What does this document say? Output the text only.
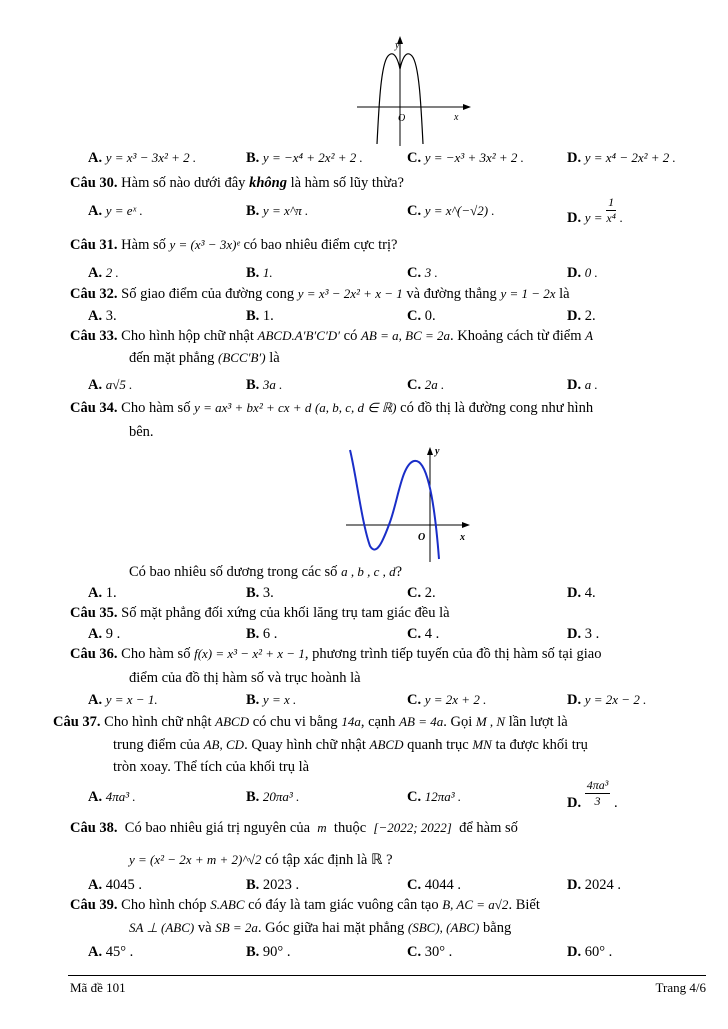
y
x
O
A. y = x³ − 3x² + 2 .	B. y = −x⁴ + 2x² + 2 .	C. y = −x³ + 3x² + 2 .	D. y = x⁴ − 2x² + 2 .
Câu 30. Hàm số nào dưới đây không là hàm số lũy thừa?
A. y = eˣ .	B. y = x^π .	C. y = x^(−√2) .	D. $y = \frac{1}{\text{x⁴}}$ .
Câu 31. Hàm số y = (x³ − 3x)ᵉ có bao nhiêu điểm cực trị?
A. 2 .	B. 1.	C. 3 .	D. 0 .
Câu 32. Số giao điểm của đường cong y = x³ − 2x² + x − 1 và đường thẳng y = 1 − 2x là
A. 3.	B. 1.	C. 0.	D. 2.
Câu 33. Cho hình hộp chữ nhật ABCD.A′B′C′D′ có AB = a, BC = 2a. Khoảng cách từ điểm A
đến mặt phẳng (BCC′B′) là
A. a√5 .	B. 3a .	C. 2a .	D. a .
Câu 34. Cho hàm số y = ax³ + bx² + cx + d (a, b, c, d ∈ ℝ) có đồ thị là đường cong như hình
bên.
y
x
O
Có bao nhiêu số dương trong các số a , b , c , d?
A. 1.	B. 3.	C. 2.	D. 4.
Câu 35. Số mặt phẳng đối xứng của khối lăng trụ tam giác đều là
A. 9 .	B. 6 .	C. 4 .	D. 3 .
Câu 36. Cho hàm số f(x) = x³ − x² + x − 1, phương trình tiếp tuyến của đồ thị hàm số tại giao
điểm của đồ thị hàm số và trục hoành là
A. y = x − 1.	B. y = x .	C. y = 2x + 2 .	D. y = 2x − 2 .
Câu 37. Cho hình chữ nhật ABCD có chu vi bằng 14a, cạnh AB = 4a. Gọi M , N lần lượt là
trung điểm của AB, CD. Quay hình chữ nhật ABCD quanh trục MN ta được khối trụ
tròn xoay. Thể tích của khối trụ là
A. 4πa³ .	B. 20πa³ .	C. 12πa³ .	D. $\frac{\text{4πa³}}{3}$ .
Câu 38. Có bao nhiêu giá trị nguyên của m thuộc [−2022; 2022] để hàm số
y = (x² − 2x + m + 2)^√2 có tập xác định là ℝ ?
A. 4045 .	B. 2023 .	C. 4044 .	D. 2024 .
Câu 39. Cho hình chóp S.ABC có đáy là tam giác vuông cân tạo B, AC = a√2. Biết
SA ⊥ (ABC) và SB = 2a. Góc giữa hai mặt phẳng (SBC), (ABC) bằng
A. 45° .	B. 90° .	C. 30° .	D. 60° .
Mã đề 101	Trang 4/6
